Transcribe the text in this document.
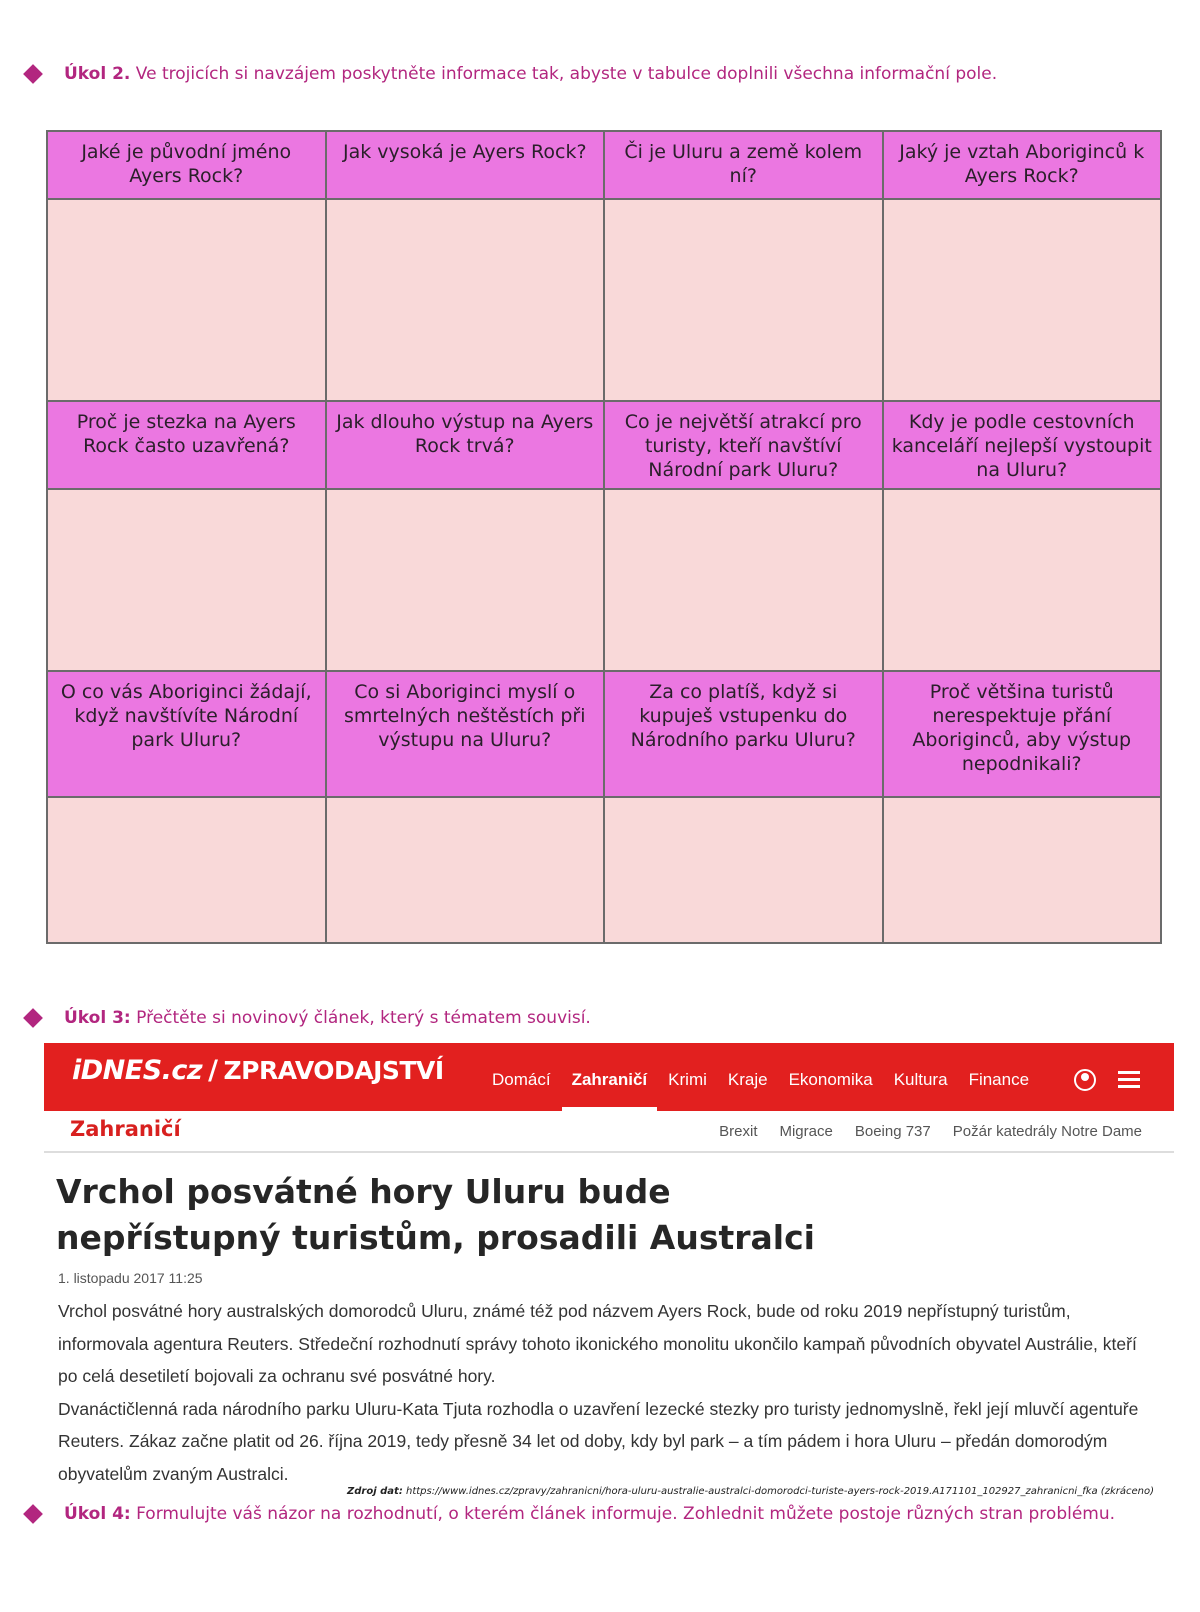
Úkol 2. Ve trojicích si navzájem poskytněte informace tak, abyste v tabulce doplnili všechna informační pole.
Jaké je původní jméno Ayers Rock?	Jak vysoká je Ayers Rock?	Či je Uluru a země kolem ní?	Jaký je vztah Aboriginců k Ayers Rock?

Proč je stezka na Ayers Rock často uzavřená?	Jak dlouho výstup na Ayers Rock trvá?	Co je největší atrakcí pro turisty, kteří navštíví Národní park Uluru?	Kdy je podle cestovních kanceláří nejlepší vystoupit na Uluru?

O co vás Aboriginci žádají, když navštívíte Národní park Uluru?	Co si Aboriginci myslí o smrtelných neštěstích při výstupu na Uluru?	Za co platíš, když si kupuješ vstupenku do Národního parku Uluru?	Proč většina turistů nerespektuje přání Aboriginců, aby výstup nepodnikali?

Úkol 3: Přečtěte si novinový článek, který s tématem souvisí.
iDNES.cz / ZPRAVODAJSTVÍ	Domácí Zahraničí Krimi Kraje Ekonomika Kultura Finance
Zahraničí	Brexit Migrace Boeing 737 Požár katedrály Notre Dame
Vrchol posvátné hory Uluru bude nepřístupný turistům, prosadili Australci
1. listopadu 2017 11:25

Vrchol posvátné hory australských domorodců Uluru, známé též pod názvem Ayers Rock, bude od roku 2019 nepřístupný turistům, informovala agentura Reuters. Středeční rozhodnutí správy tohoto ikonického monolitu ukončilo kampaň původních obyvatel Austrálie, kteří po celá desetiletí bojovali za ochranu své posvátné hory.

Dvanáctičlenná rada národního parku Uluru-Kata Tjuta rozhodla o uzavření lezecké stezky pro turisty jednomyslně, řekl její mluvčí agentuře Reuters. Zákaz začne platit od 26. října 2019, tedy přesně 34 let od doby, kdy byl park – a tím pádem i hora Uluru – předán domorodým obyvatelům zvaným Australci.

Zdroj dat: https://www.idnes.cz/zpravy/zahranicni/hora-uluru-australie-australci-domorodci-turiste-ayers-rock-2019.A171101_102927_zahranicni_fka (zkráceno)
Úkol 4: Formulujte váš názor na rozhodnutí, o kterém článek informuje. Zohlednit můžete postoje různých stran problému.
